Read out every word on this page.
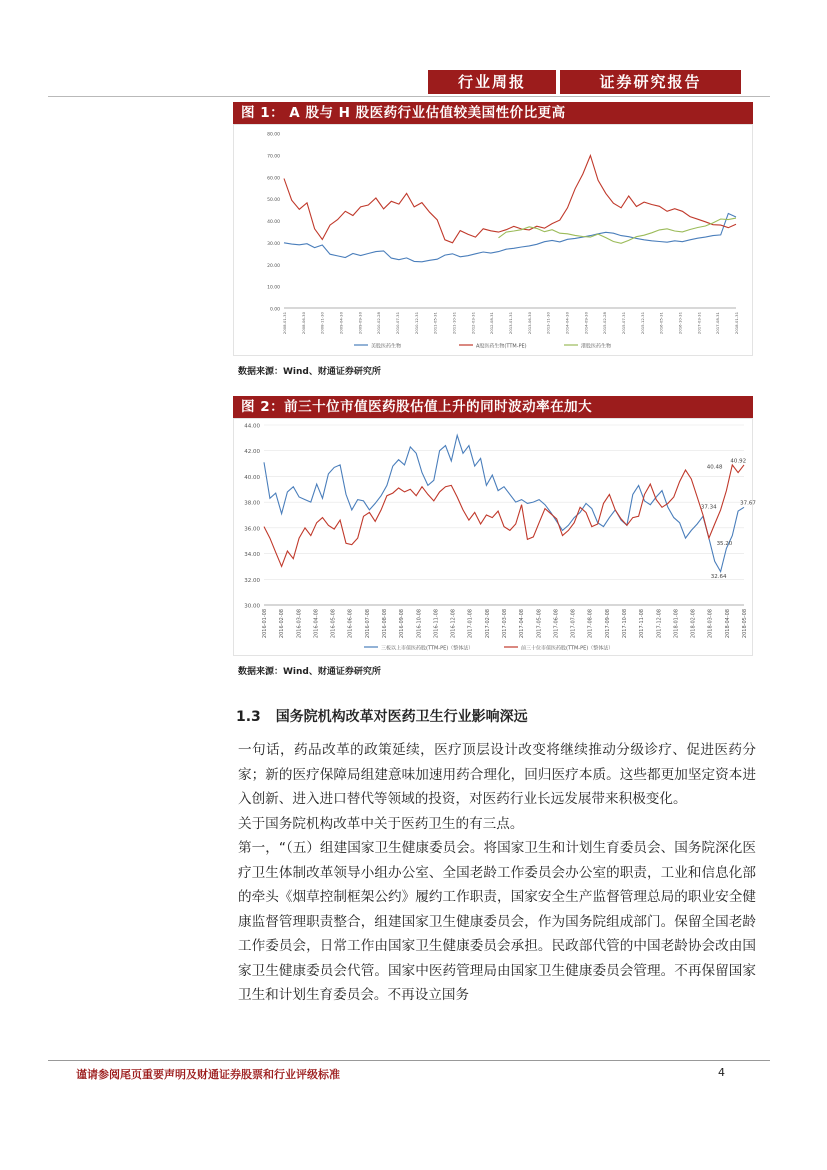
行业周报	证券研究报告
图 1： A 股与 H 股医药行业估值较美国性价比更高
0.00
10.00
20.00
30.00
40.00
50.00
60.00
70.00
80.00
2008-01-31	2008-06-30	2008-11-30	2009-04-30	2009-09-30	2010-02-28	2010-07-31	2010-12-31	2011-05-31	2011-10-31	2012-03-31	2012-08-31	2013-01-31	2013-06-30	2013-11-30	2014-04-30	2014-09-30	2015-02-28	2015-07-31	2015-12-31	2016-05-31	2016-10-31	2017-03-31	2017-08-31	2018-01-31
美股医药生物	A股医药生物(TTM-PE)	港股医药生物
数据来源：Wind、财通证券研究所
图 2：前三十位市值医药股估值上升的同时波动率在加大
30.00
32.00
34.00
36.00
38.00
40.00
42.00
44.00
2016-01-08 2016-02-08 2016-03-08 2016-04-08 2016-05-08 2016-06-08 2016-07-08 2016-08-08 2016-09-08 2016-10-08 2016-11-08 2016-12-08 2017-01-08 2017-02-08 2017-03-08 2017-04-08 2017-05-08 2017-06-08 2017-07-08 2017-08-08 2017-09-08 2017-10-08 2017-11-08 2017-12-08 2018-01-08 2018-02-08 2018-03-08 2018-04-08 2018-05-08
三板以上市值医药股(TTM-PE)（整体法）	前三十位市值医药股(TTM-PE)（整体法）
40.48
40.92
37.34
37.67
35.20
32.64
数据来源：Wind、财通证券研究所
1.3 国务院机构改革对医药卫生行业影响深远

一句话，药品改革的政策延续，医疗顶层设计改变将继续推动分级诊疗、促进医药分家；新的医疗保障局组建意味加速用药合理化，回归医疗本质。这些都更加坚定资本进入创新、进入进口替代等领域的投资，对医药行业长远发展带来积极变化。

关于国务院机构改革中关于医药卫生的有三点。

第一，“（五）组建国家卫生健康委员会。将国家卫生和计划生育委员会、国务院深化医疗卫生体制改革领导小组办公室、全国老龄工作委员会办公室的职责，工业和信息化部的牵头《烟草控制框架公约》履约工作职责，国家安全生产监督管理总局的职业安全健康监督管理职责整合，组建国家卫生健康委员会，作为国务院组成部门。保留全国老龄工作委员会，日常工作由国家卫生健康委员会承担。民政部代管的中国老龄协会改由国家卫生健康委员会代管。国家中医药管理局由国家卫生健康委员会管理。不再保留国家卫生和计划生育委员会。不再设立国务

谨请参阅尾页重要声明及财通证券股票和行业评级标准	4
